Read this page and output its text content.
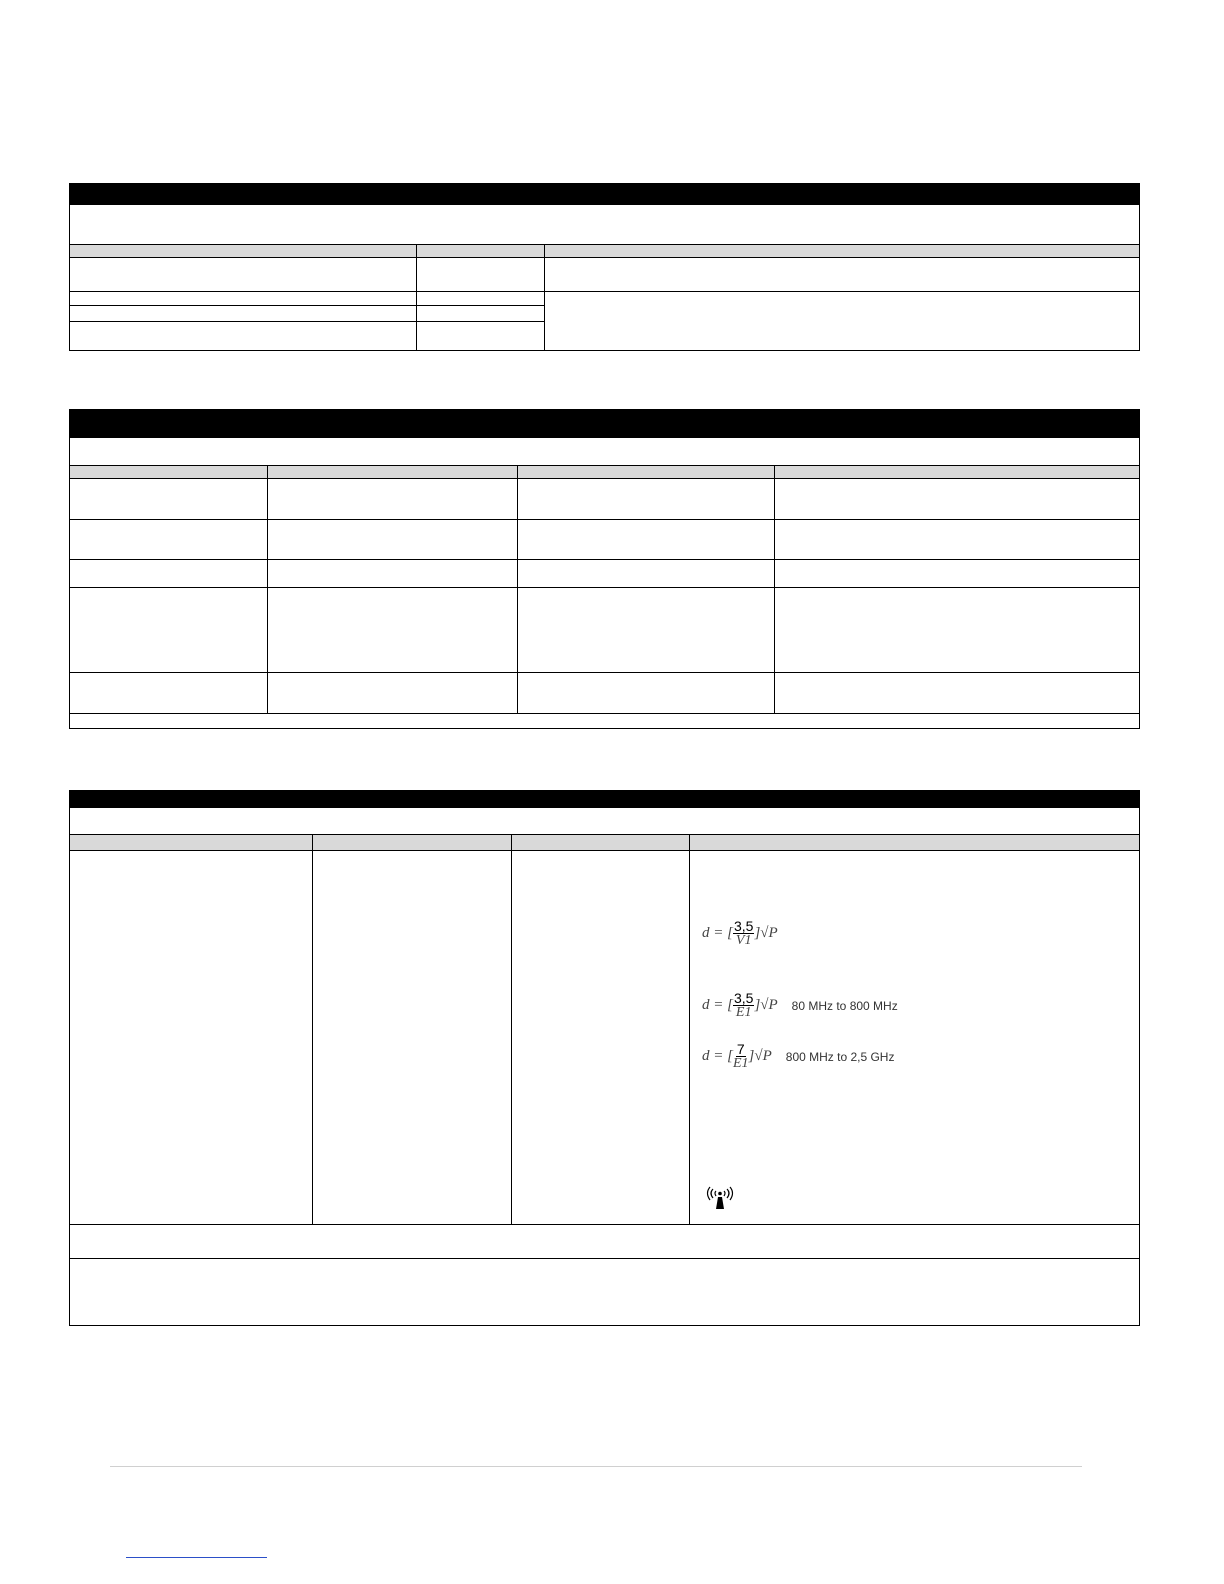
d = [ $\frac{3,5}{V1} ]√P$
d = [ $\frac{3,5}{E1} ]√P$ 80 MHz to 800 MHz
d = [ $\frac{7}{E1} ]√P$ 800 MHz to 2,5 GHz
